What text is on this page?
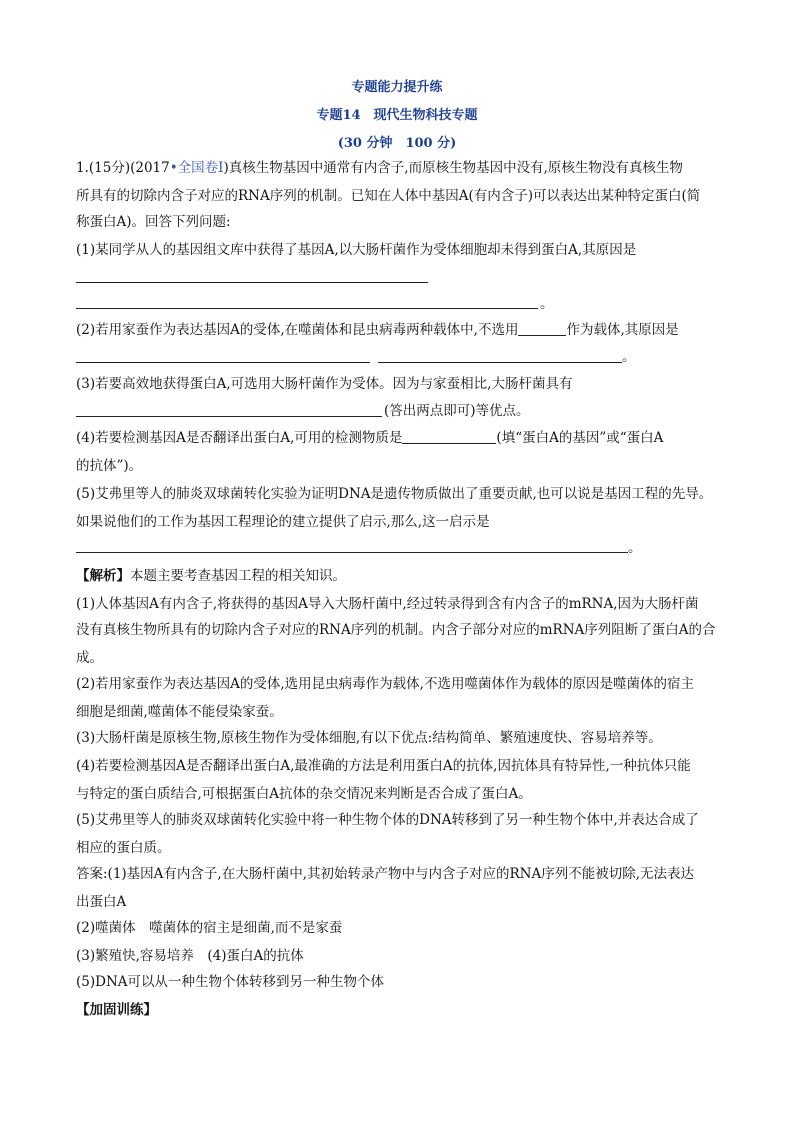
专题能力提升练
专题14　现代生物科技专题
(30 分钟　100 分)
1.(15分)(2017•全国卷Ⅰ)真核生物基因中通常有内含子,而原核生物基因中没有,原核生物没有真核生物
所具有的切除内含子对应的RNA序列的机制。已知在人体中基因A(有内含子)可以表达出某种特定蛋白(简
称蛋白A)。回答下列问题:
(1)某同学从人的基因组文库中获得了基因A,以大肠杆菌作为受体细胞却未得到蛋白A,其原因是
。
(2)若用家蚕作为表达基因A的受体,在噬菌体和昆虫病毒两种载体中,不选用	作为载体,其原因是
。
(3)若要高效地获得蛋白A,可选用大肠杆菌作为受体。因为与家蚕相比,大肠杆菌具有
(答出两点即可)等优点。
(4)若要检测基因A是否翻译出蛋白A,可用的检测物质是	(填“蛋白A的基因”或“蛋白A
的抗体”)。
(5)艾弗里等人的肺炎双球菌转化实验为证明DNA是遗传物质做出了重要贡献,也可以说是基因工程的先导。
如果说他们的工作为基因工程理论的建立提供了启示,那么,这一启示是
。
【解析】本题主要考查基因工程的相关知识。
(1)人体基因A有内含子,将获得的基因A导入大肠杆菌中,经过转录得到含有内含子的mRNA,因为大肠杆菌
没有真核生物所具有的切除内含子对应的RNA序列的机制。内含子部分对应的mRNA序列阻断了蛋白A的合
成。
(2)若用家蚕作为表达基因A的受体,选用昆虫病毒作为载体,不选用噬菌体作为载体的原因是噬菌体的宿主
细胞是细菌,噬菌体不能侵染家蚕。
(3)大肠杆菌是原核生物,原核生物作为受体细胞,有以下优点:结构简单、繁殖速度快、容易培养等。
(4)若要检测基因A是否翻译出蛋白A,最准确的方法是利用蛋白A的抗体,因抗体具有特异性,一种抗体只能
与特定的蛋白质结合,可根据蛋白A抗体的杂交情况来判断是否合成了蛋白A。
(5)艾弗里等人的肺炎双球菌转化实验中将一种生物个体的DNA转移到了另一种生物个体中,并表达合成了
相应的蛋白质。
答案:(1)基因A有内含子,在大肠杆菌中,其初始转录产物中与内含子对应的RNA序列不能被切除,无法表达
出蛋白A
(2)噬菌体　噬菌体的宿主是细菌,而不是家蚕
(3)繁殖快,容易培养　(4)蛋白A的抗体
(5)DNA可以从一种生物个体转移到另一种生物个体
【加固训练】
